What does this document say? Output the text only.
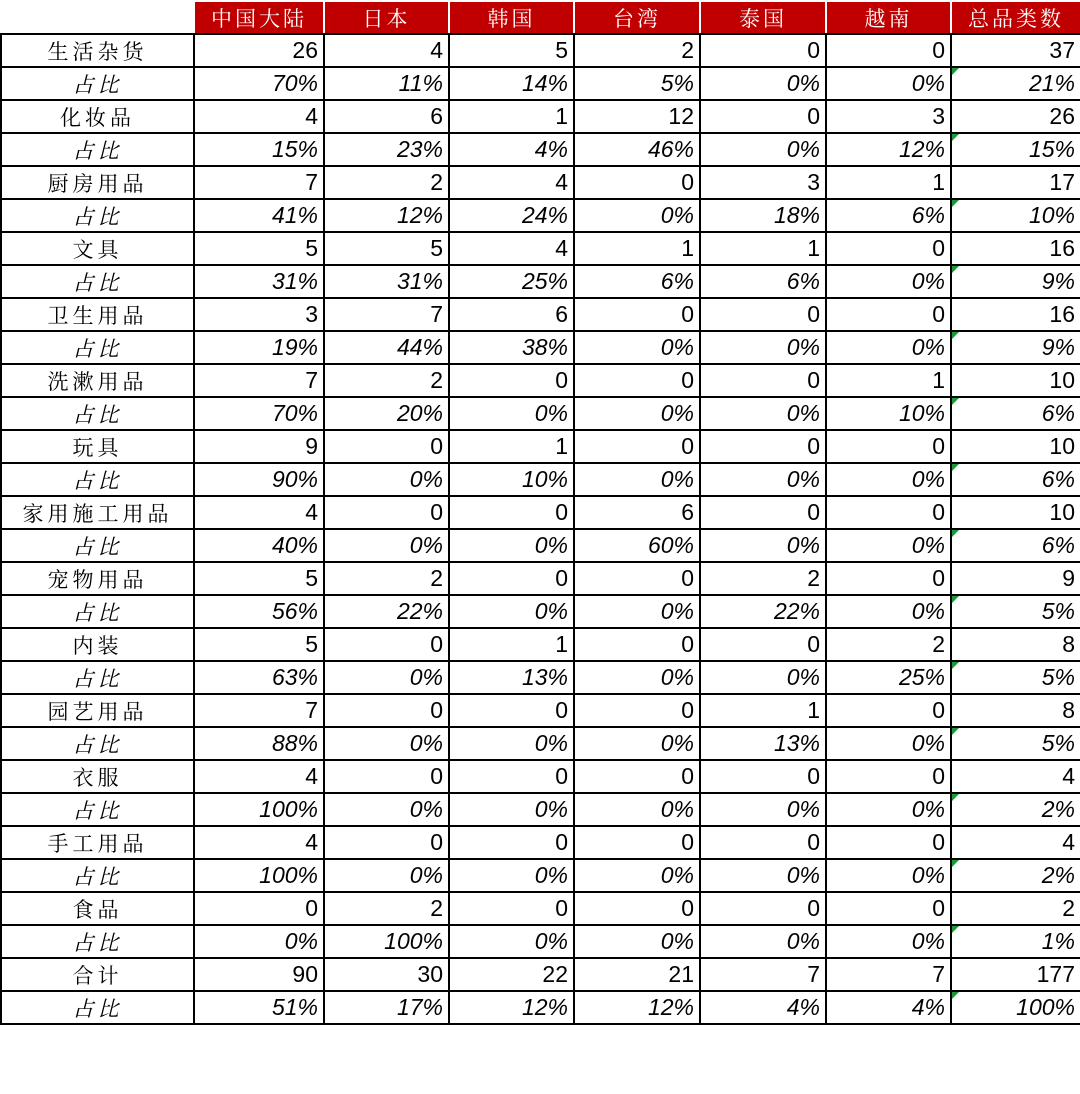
	中国大陆	日本	韩国	台湾	泰国	越南	总品类数
生活杂货	26	4	5	2	0	0	37
占比	70%	11%	14%	5%	0%	0%	21%
化妆品	4	6	1	12	0	3	26
占比	15%	23%	4%	46%	0%	12%	15%
厨房用品	7	2	4	0	3	1	17
占比	41%	12%	24%	0%	18%	6%	10%
文具	5	5	4	1	1	0	16
占比	31%	31%	25%	6%	6%	0%	9%
卫生用品	3	7	6	0	0	0	16
占比	19%	44%	38%	0%	0%	0%	9%
洗漱用品	7	2	0	0	0	1	10
占比	70%	20%	0%	0%	0%	10%	6%
玩具	9	0	1	0	0	0	10
占比	90%	0%	10%	0%	0%	0%	6%
家用施工用品	4	0	0	6	0	0	10
占比	40%	0%	0%	60%	0%	0%	6%
宠物用品	5	2	0	0	2	0	9
占比	56%	22%	0%	0%	22%	0%	5%
内装	5	0	1	0	0	2	8
占比	63%	0%	13%	0%	0%	25%	5%
园艺用品	7	0	0	0	1	0	8
占比	88%	0%	0%	0%	13%	0%	5%
衣服	4	0	0	0	0	0	4
占比	100%	0%	0%	0%	0%	0%	2%
手工用品	4	0	0	0	0	0	4
占比	100%	0%	0%	0%	0%	0%	2%
食品	0	2	0	0	0	0	2
占比	0%	100%	0%	0%	0%	0%	1%
合计	90	30	22	21	7	7	177
占比	51%	17%	12%	12%	4%	4%	100%
